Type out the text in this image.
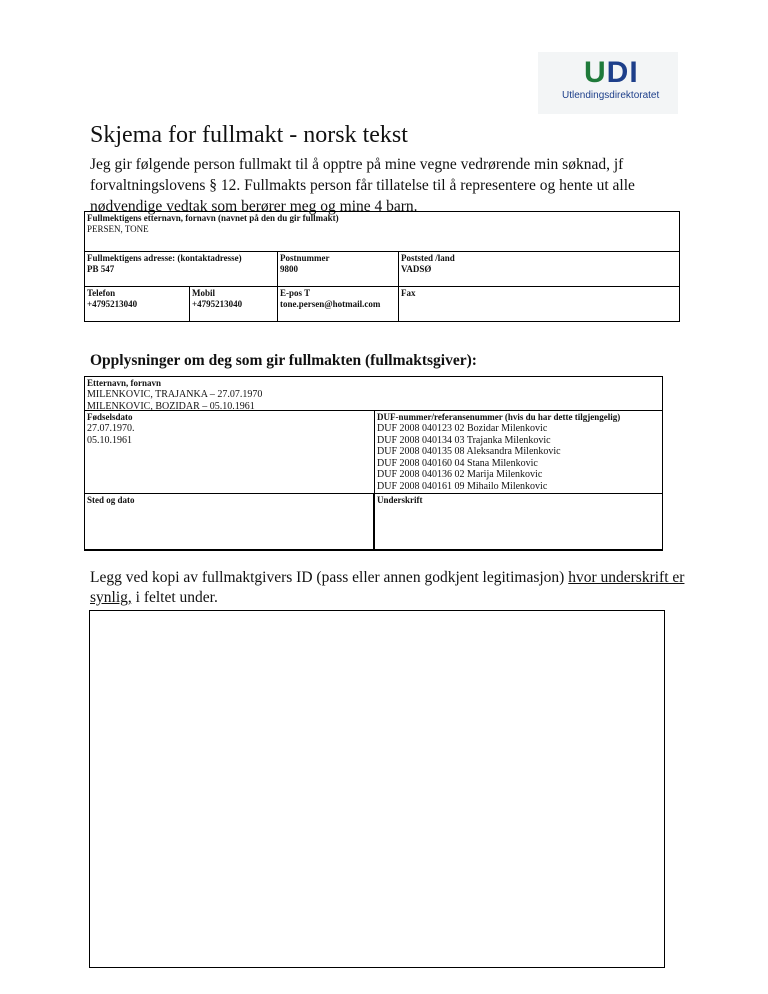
UDI
Utlendingsdirektoratet
Skjema for fullmakt - norsk tekst
Jeg gir følgende person fullmakt til å opptre på mine vegne vedrørende min søknad, jf forvaltningslovens § 12. Fullmakts person får tillatelse til å representere og hente ut alle nødvendige vedtak som berører meg og mine 4 barn.
Fullmektigens etternavn, fornavn (navnet på den du gir fullmakt)
PERSEN, TONE
Fullmektigens adresse: (kontaktadresse)
PB 547
Postnummer
9800
Poststed /land
VADSØ
Telefon
+4795213040
Mobil
+4795213040
E-pos T
tone.persen@hotmail.com
Fax
Opplysninger om deg som gir fullmakten (fullmaktsgiver):
Etternavn, fornavn
MILENKOVIC, TRAJANKA – 27.07.1970
MILENKOVIC, BOZIDAR – 05.10.1961
Fødselsdato
27.07.1970.
05.10.1961
DUF-nummer/referansenummer (hvis du har dette tilgjengelig)
DUF 2008 040123 02 Bozidar Milenkovic
DUF 2008 040134 03 Trajanka Milenkovic
DUF 2008 040135 08 Aleksandra Milenkovic
DUF 2008 040160 04 Stana Milenkovic
DUF 2008 040136 02 Marija Milenkovic
DUF 2008 040161 09 Mihailo Milenkovic
Sted og dato	Underskrift
Legg ved kopi av fullmaktgivers ID (pass eller annen godkjent legitimasjon) hvor underskrift er synlig, i feltet under.
